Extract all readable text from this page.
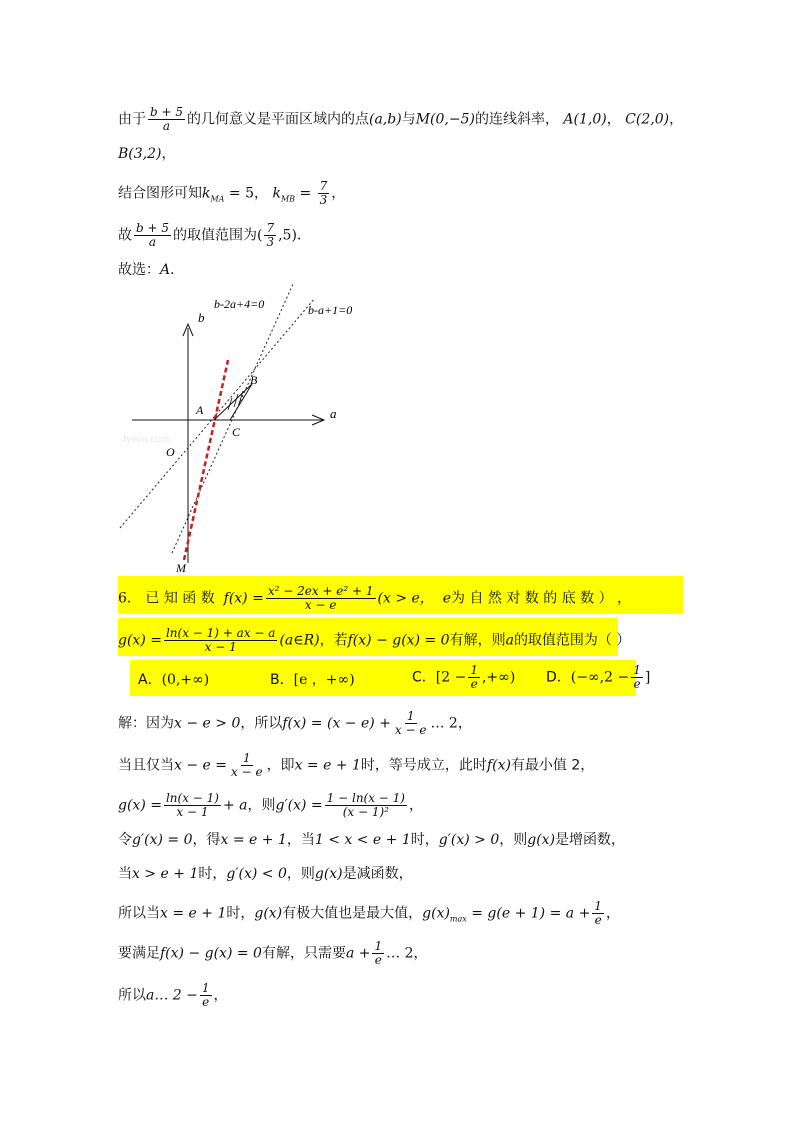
由于 $\frac{b + 5}{a}$ 的几何意义是平面区域内的点(a,b)与M(0,−5)的连线斜率， A(1,0)， C(2,0)，
B(3,2)，
结合图形可知$k_{MA} = 5$， $k_{MB} = \frac{7}{3}$ ，
故 $\frac{b + 5}{a}$ 的取值范围为( $\frac{7}{3} ,5$)．
故选：A．
Jyeoo.com
b-2a+4=0	b-a+1=0
b
a
A
B
C
O
M
6． 已 知 函 数 $f(x) = \frac{\text{x² − 2ex + e² + 1}}{x - e} (x > e$， e为 自 然 对 数 的 底 数 ） ，
$g(x) = \frac{\ln(x - 1) + ax - a}{x - 1}$ (a∈R)，若f(x) − g(x) = 0有解，则a的取值范围为（ ）
A．(0,+∞)	B．[e ，+∞)	C．[$2 - \frac{1}{e}$ ,+∞) D．($-\infty,2 - \frac{1}{e}$ ]
解：因为x − e > 0，所以$f(x) = (x - e) + \frac{1}{x - e}$ … 2，
当且仅当$x - e = \frac{1}{x - e}$ ，即x = e + 1时，等号成立，此时f(x)有最小值 2，
$g(x) = \frac{\ln(x - 1)}{x - 1} + a$，则$g'(x) = \frac{1 - \ln(x - 1)}{\text{(x − 1)²}}$ ，
令g′(x) = 0，得x = e + 1，当1 < x < e + 1时，g′(x) > 0，则g(x)是增函数，
当x > e + 1时，g′(x) < 0，则g(x)是减函数，
所以当x = e + 1时，g(x)有极大值也是最大值，$g(x)_{max} = g(e + 1) = a + \frac{1}{e}$ ，
要满足f(x) − g(x) = 0有解，只需要$a + \frac{1}{e}$ … 2，
所以a… $2 - \frac{1}{e}$ ，
